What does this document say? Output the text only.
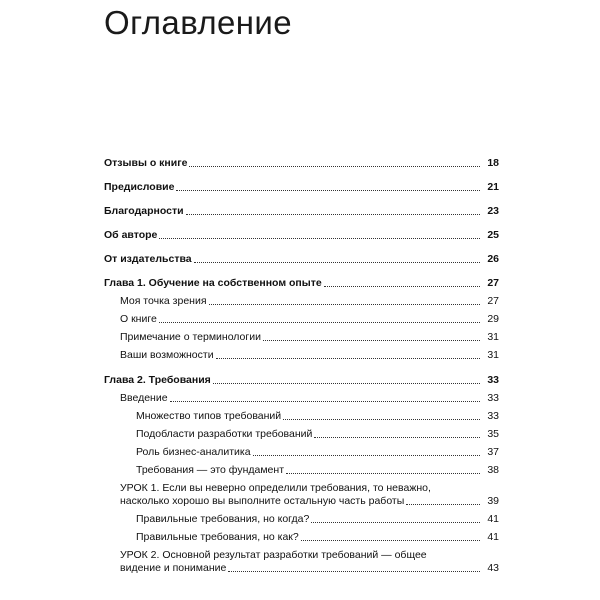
Оглавление
Отзывы о книге	18
Предисловие	21
Благодарности	23
Об авторе	25
От издательства	26
Глава 1. Обучение на собственном опыте	27
Моя точка зрения	27
О книге	29
Примечание о терминологии	31
Ваши возможности	31
Глава 2. Требования	33
Введение	33
Множество типов требований	33
Подобласти разработки требований	35
Роль бизнес-аналитика	37
Требования — это фундамент	38
УРОК 1. Если вы неверно определили требования, то неважно,
насколько хорошо вы выполните остальную часть работы	39
Правильные требования, но когда?	41
Правильные требования, но как?	41
УРОК 2. Основной результат разработки требований — общее
видение и понимание	43
